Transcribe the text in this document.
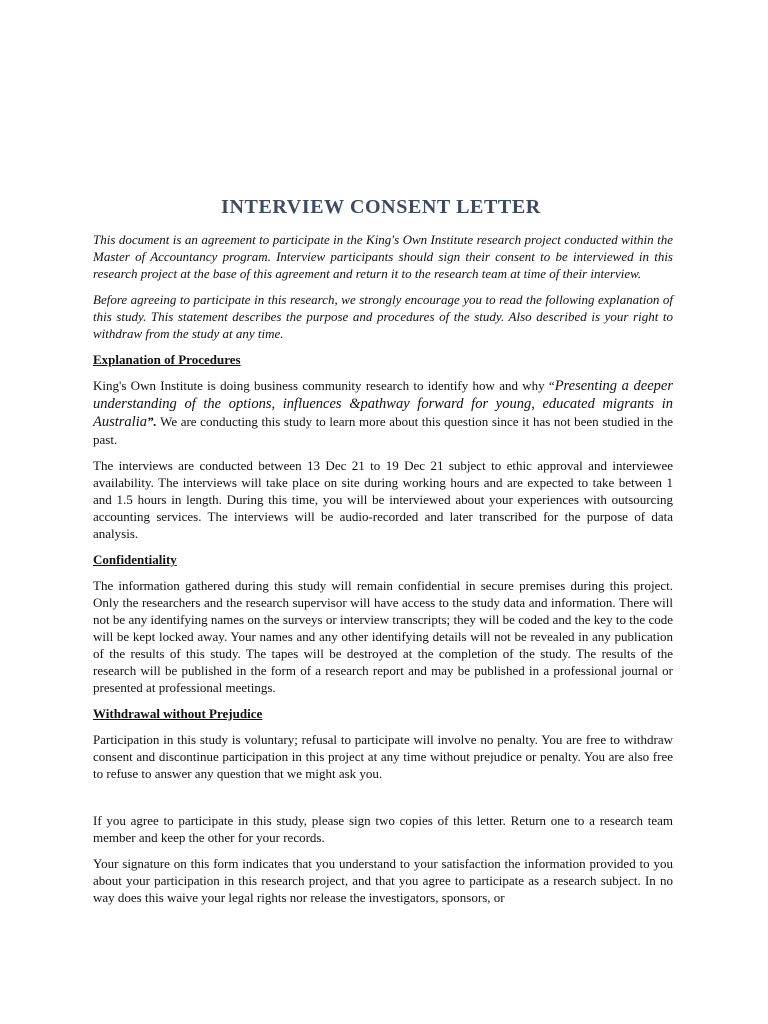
INTERVIEW CONSENT LETTER

This document is an agreement to participate in the King's Own Institute research project conducted within the Master of Accountancy program. Interview participants should sign their consent to be interviewed in this research project at the base of this agreement and return it to the research team at time of their interview.

Before agreeing to participate in this research, we strongly encourage you to read the following explanation of this study. This statement describes the purpose and procedures of the study. Also described is your right to withdraw from the study at any time.

Explanation of Procedures

King's Own Institute is doing business community research to identify how and why “Presenting a deeper understanding of the options, influences &pathway forward for young, educated migrants in Australia”. We are conducting this study to learn more about this question since it has not been studied in the past.

The interviews are conducted between 13 Dec 21 to 19 Dec 21 subject to ethic approval and interviewee availability. The interviews will take place on site during working hours and are expected to take between 1 and 1.5 hours in length. During this time, you will be interviewed about your experiences with outsourcing accounting services. The interviews will be audio-recorded and later transcribed for the purpose of data analysis.

Confidentiality

The information gathered during this study will remain confidential in secure premises during this project. Only the researchers and the research supervisor will have access to the study data and information. There will not be any identifying names on the surveys or interview transcripts; they will be coded and the key to the code will be kept locked away. Your names and any other identifying details will not be revealed in any publication of the results of this study. The tapes will be destroyed at the completion of the study. The results of the research will be published in the form of a research report and may be published in a professional journal or presented at professional meetings.

Withdrawal without Prejudice

Participation in this study is voluntary; refusal to participate will involve no penalty. You are free to withdraw consent and discontinue participation in this project at any time without prejudice or penalty. You are also free to refuse to answer any question that we might ask you.

If you agree to participate in this study, please sign two copies of this letter. Return one to a research team member and keep the other for your records.

Your signature on this form indicates that you understand to your satisfaction the information provided to you about your participation in this research project, and that you agree to participate as a research subject. In no way does this waive your legal rights nor release the investigators, sponsors, or
